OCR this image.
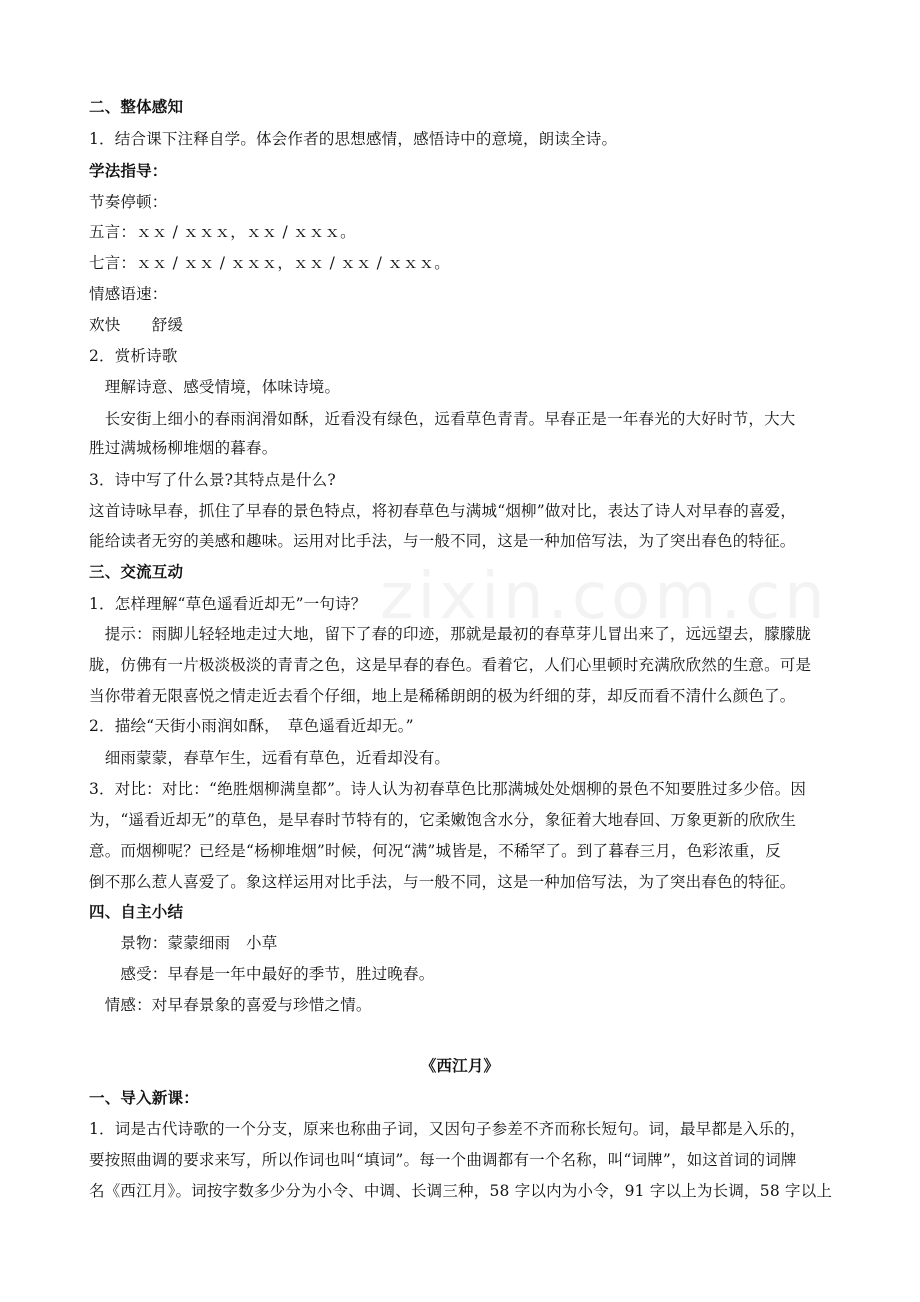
zixin.com.cn
二、整体感知
1．结合课下注释自学。体会作者的思想感情，感悟诗中的意境，朗读全诗。
学法指导：
节奏停顿：
五言：ｘｘ / ｘｘｘ，ｘｘ / ｘｘｘ。
七言：ｘｘ / ｘｘ / ｘｘｘ，ｘｘ / ｘｘ / ｘｘｘ。
情感语速：
欢快　　舒缓
2．赏析诗歌
　理解诗意、感受情境，体味诗境。
　长安街上细小的春雨润滑如酥，近看没有绿色，远看草色青青。早春正是一年春光的大好时节，大大
胜过满城杨柳堆烟的暮春。
3．诗中写了什么景?其特点是什么?
这首诗咏早春，抓住了早春的景色特点，将初春草色与满城“烟柳”做对比，表达了诗人对早春的喜爱，
能给读者无穷的美感和趣味。运用对比手法，与一般不同，这是一种加倍写法，为了突出春色的特征。
三、交流互动
1．怎样理解“草色遥看近却无”一句诗？
　提示：雨脚儿轻轻地走过大地，留下了春的印迹，那就是最初的春草芽儿冒出来了，远远望去，朦朦胧
胧，仿佛有一片极淡极淡的青青之色，这是早春的春色。看着它，人们心里顿时充满欣欣然的生意。可是
当你带着无限喜悦之情走近去看个仔细，地上是稀稀朗朗的极为纤细的芽，却反而看不清什么颜色了。
2．描绘“天街小雨润如酥，　草色遥看近却无。”
　细雨蒙蒙，春草乍生，远看有草色，近看却没有。
3．对比：对比：“绝胜烟柳满皇都”。诗人认为初春草色比那满城处处烟柳的景色不知要胜过多少倍。因
为，“遥看近却无”的草色，是早春时节特有的，它柔嫩饱含水分，象征着大地春回、万象更新的欣欣生
意。而烟柳呢？已经是“杨柳堆烟”时候，何况“满”城皆是，不稀罕了。到了暮春三月，色彩浓重，反
倒不那么惹人喜爱了。象这样运用对比手法，与一般不同，这是一种加倍写法，为了突出春色的特征。
四、自主小结
　　景物：蒙蒙细雨　小草
　　感受：早春是一年中最好的季节，胜过晚春。
　情感：对早春景象的喜爱与珍惜之情。
《西江月》
一、导入新课：
1．词是古代诗歌的一个分支，原来也称曲子词，又因句子参差不齐而称长短句。词，最早都是入乐的，
要按照曲调的要求来写，所以作词也叫“填词”。每一个曲调都有一个名称，叫“词牌”，如这首词的词牌
名《西江月》。词按字数多少分为小令、中调、长调三种，58 字以内为小令，91 字以上为长调，58 字以上
